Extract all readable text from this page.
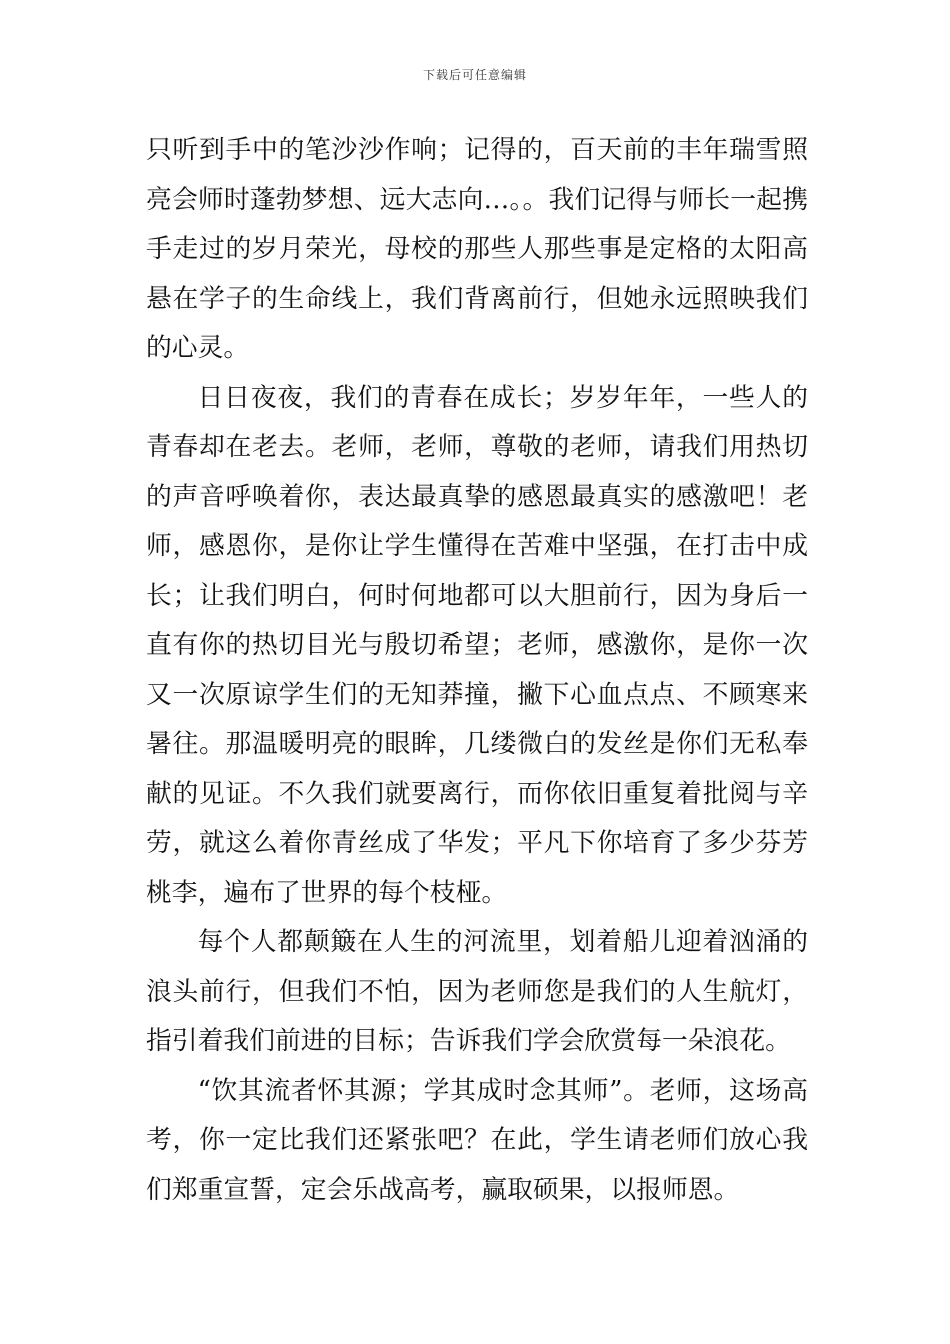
下载后可任意编辑

只听到手中的笔沙沙作响；记得的，百天前的丰年瑞雪照亮会师时蓬勃梦想、远大志向…。。我们记得与师长一起携手走过的岁月荣光，母校的那些人那些事是定格的太阳高悬在学子的生命线上，我们背离前行，但她永远照映我们的心灵。

日日夜夜，我们的青春在成长；岁岁年年，一些人的青春却在老去。老师，老师，尊敬的老师，请我们用热切的声音呼唤着你，表达最真挚的感恩最真实的感激吧！老师，感恩你，是你让学生懂得在苦难中坚强，在打击中成长；让我们明白，何时何地都可以大胆前行，因为身后一直有你的热切目光与殷切希望；老师，感激你，是你一次又一次原谅学生们的无知莽撞，撇下心血点点、不顾寒来暑往。那温暖明亮的眼眸，几缕微白的发丝是你们无私奉献的见证。不久我们就要离行，而你依旧重复着批阅与辛劳，就这么着你青丝成了华发；平凡下你培育了多少芬芳桃李，遍布了世界的每个枝桠。

每个人都颠簸在人生的河流里，划着船儿迎着汹涌的浪头前行，但我们不怕，因为老师您是我们的人生航灯，指引着我们前进的目标；告诉我们学会欣赏每一朵浪花。

“饮其流者怀其源；学其成时念其师”。老师，这场高考，你一定比我们还紧张吧？在此，学生请老师们放心我们郑重宣誓，定会乐战高考，赢取硕果，以报师恩。
